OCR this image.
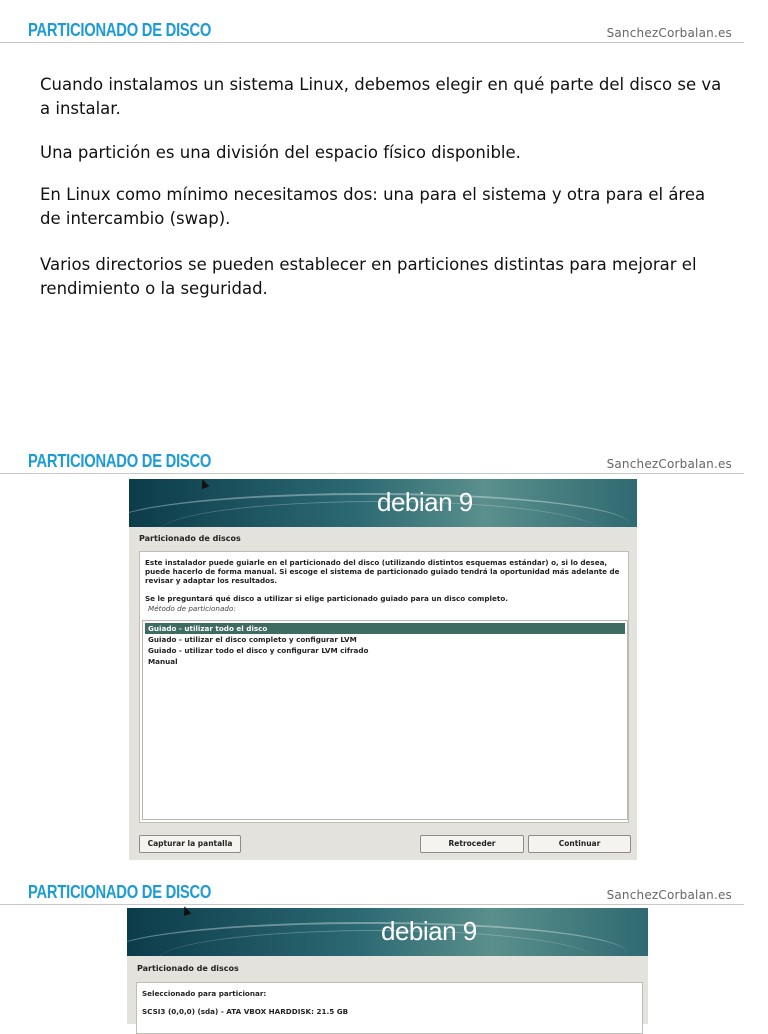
PARTICIONADO DE DISCO	SanchezCorbalan.es

Cuando instalamos un sistema Linux, debemos elegir en qué parte del disco se va a instalar.

Una partición es una división del espacio físico disponible.

En Linux como mínimo necesitamos dos: una para el sistema y otra para el área de intercambio (swap).

Varios directorios se pueden establecer en particiones distintas para mejorar el rendimiento o la seguridad.

PARTICIONADO DE DISCO	SanchezCorbalan.es
debian 9
Particionado de discos

Este instalador puede guiarle en el particionado del disco (utilizando distintos esquemas estándar) o, si lo desea, puede hacerlo de forma manual. Si escoge el sistema de particionado guiado tendrá la oportunidad más adelante de revisar y adaptar los resultados.

Se le preguntará qué disco a utilizar si elige particionado guiado para un disco completo.

Método de particionado:
Guiado - utilizar todo el disco
Guiado - utilizar el disco completo y configurar LVM
Guiado - utilizar todo el disco y configurar LVM cifrado
Manual
Capturar la pantalla	Retroceder	Continuar
PARTICIONADO DE DISCO	SanchezCorbalan.es
debian 9
Particionado de discos
Seleccionado para particionar:
SCSI3 (0,0,0) (sda) - ATA VBOX HARDDISK: 21.5 GB
